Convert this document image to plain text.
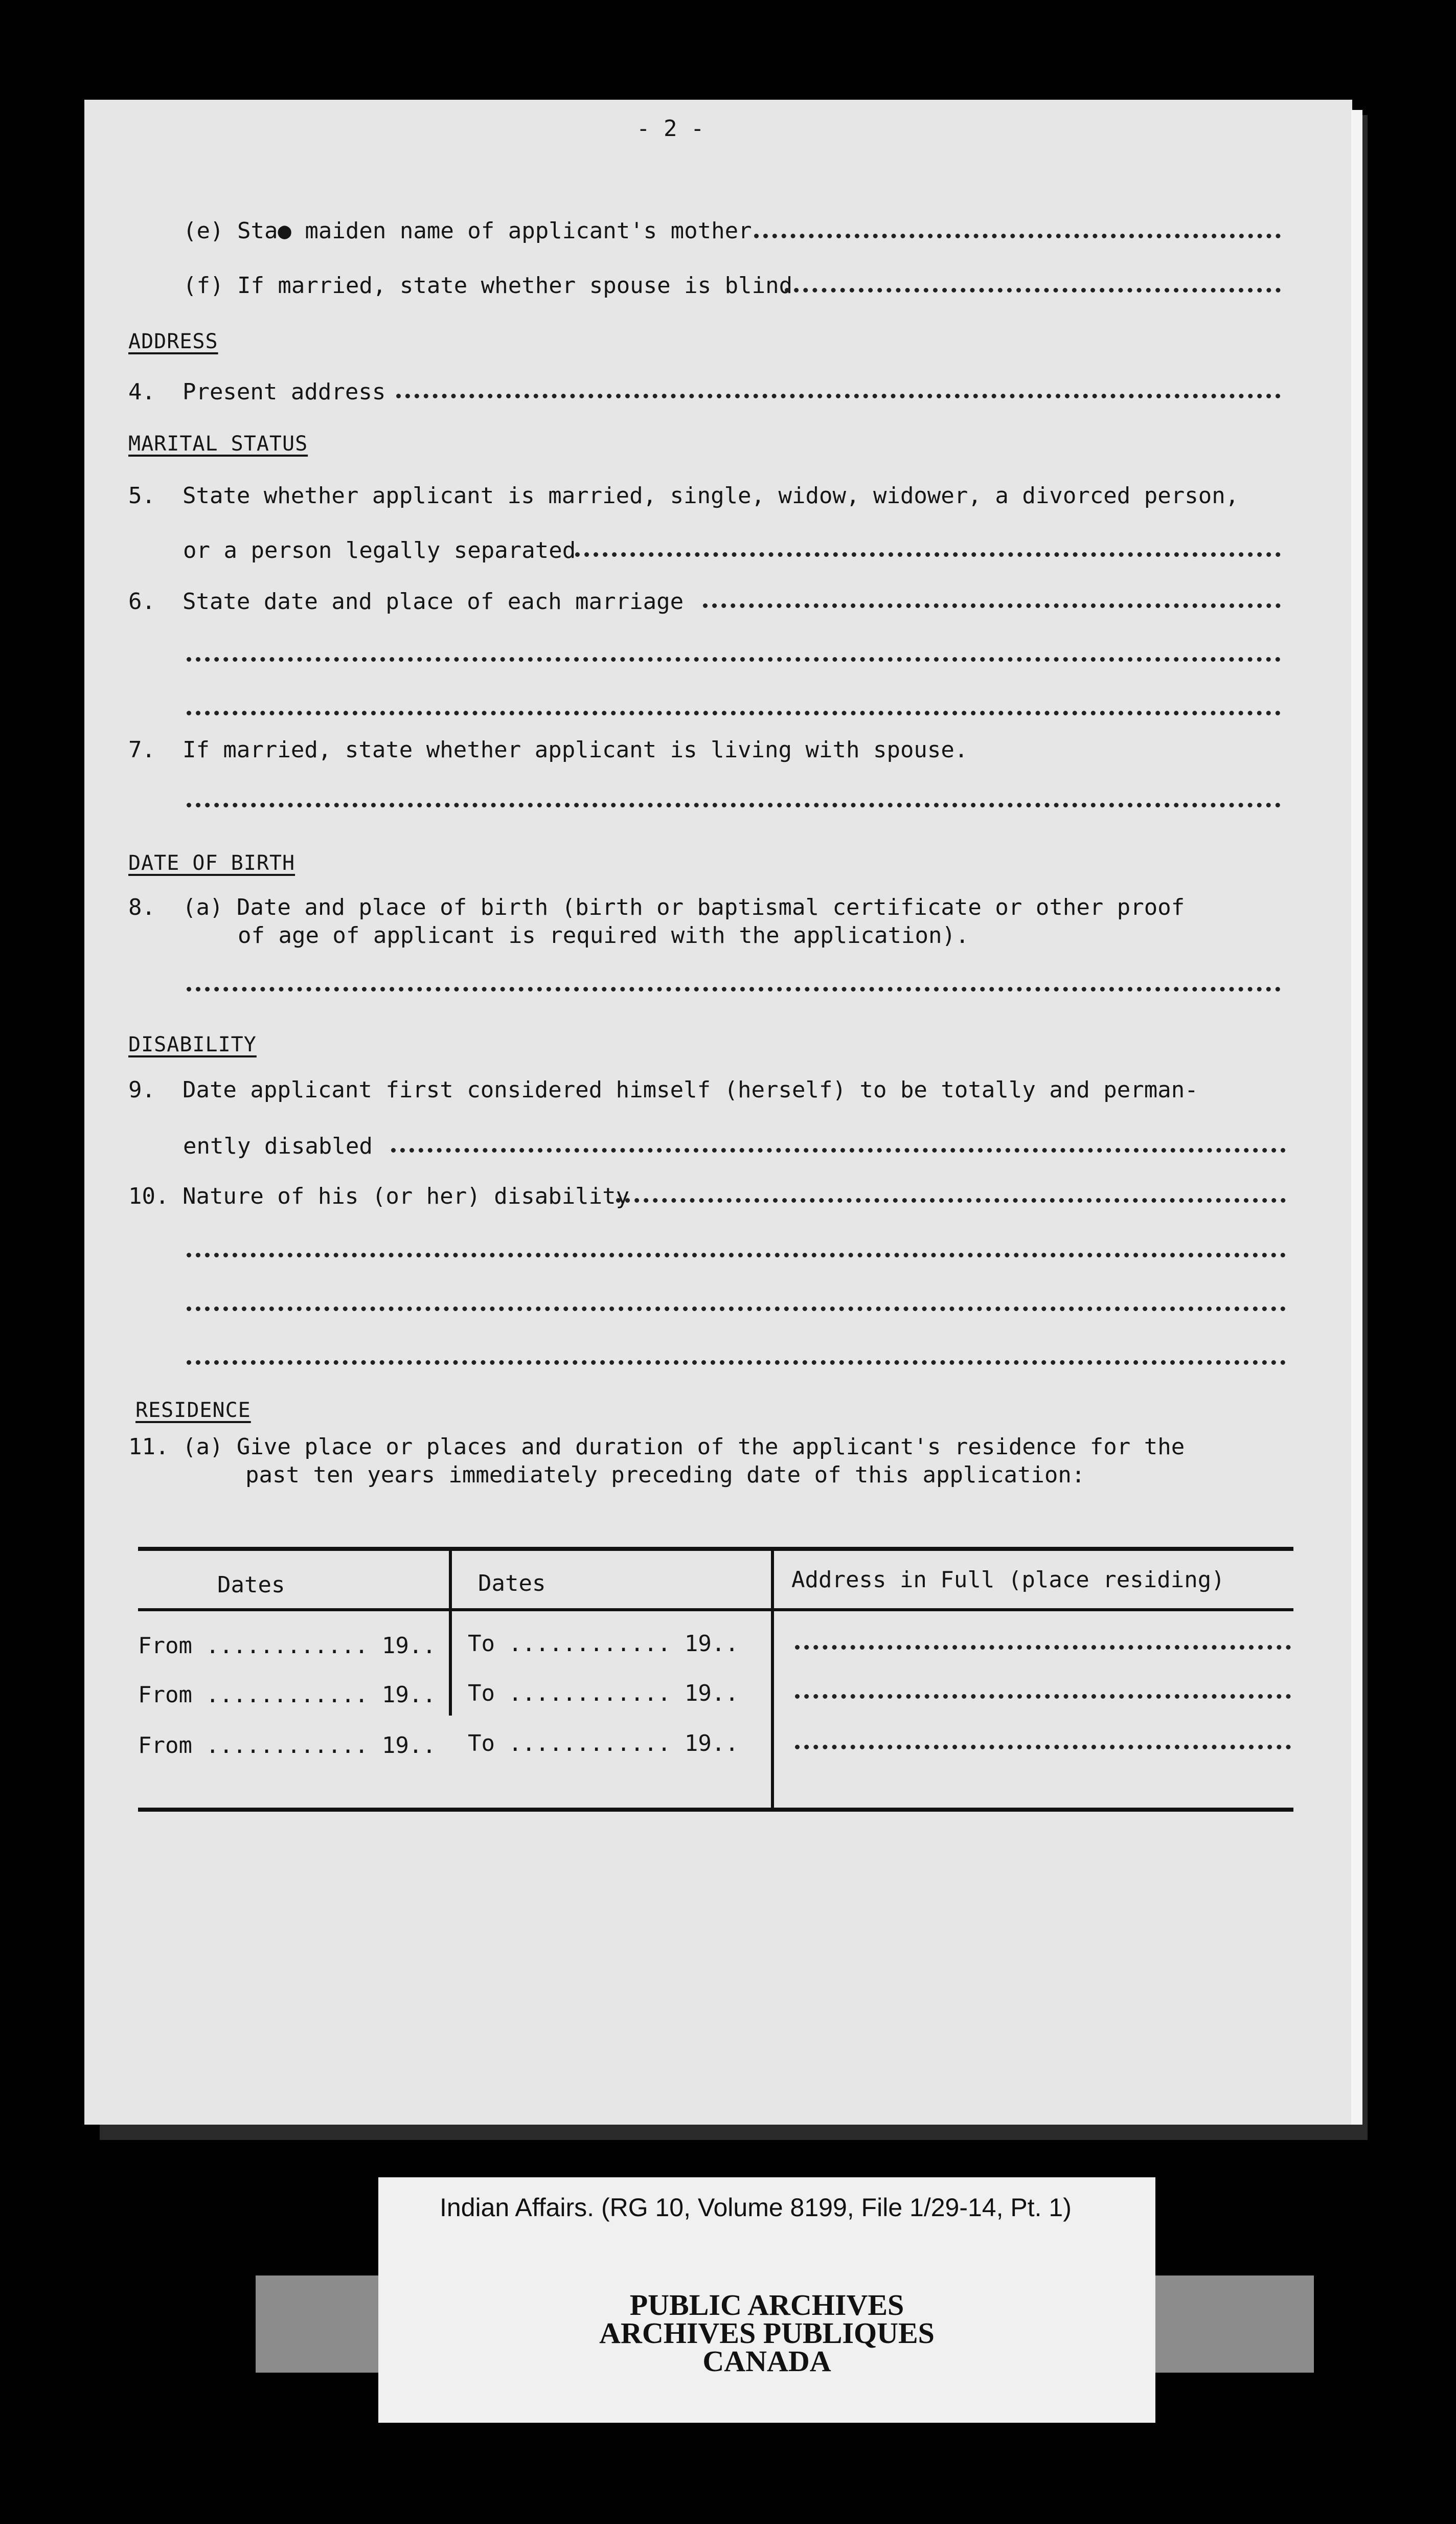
- 2 -
(e) Sta● maiden name of applicant's mother
(f) If married, state whether spouse is blind
ADDRESS
4.  Present address
MARITAL STATUS
5.  State whether applicant is married, single, widow, widower, a divorced person,
or a person legally separated
6.  State date and place of each marriage
7.  If married, state whether applicant is living with spouse.
DATE OF BIRTH
8.  (a) Date and place of birth (birth or baptismal certificate or other proof
of age of applicant is required with the application).
DISABILITY
9.  Date applicant first considered himself (herself) to be totally and perman-
ently disabled
10. Nature of his (or her) disability
RESIDENCE
11. (a) Give place or places and duration of the applicant's residence for the
past ten years immediately preceding date of this application:
Dates	Dates	Address in Full (place residing)
From ............ 19.. To ............ 19..
From ............ 19.. To ............ 19..
From ............ 19.. To ............ 19..
Indian Affairs. (RG 10, Volume 8199, File 1/29-14, Pt. 1)
PUBLIC ARCHIVES
ARCHIVES PUBLIQUES
CANADA
